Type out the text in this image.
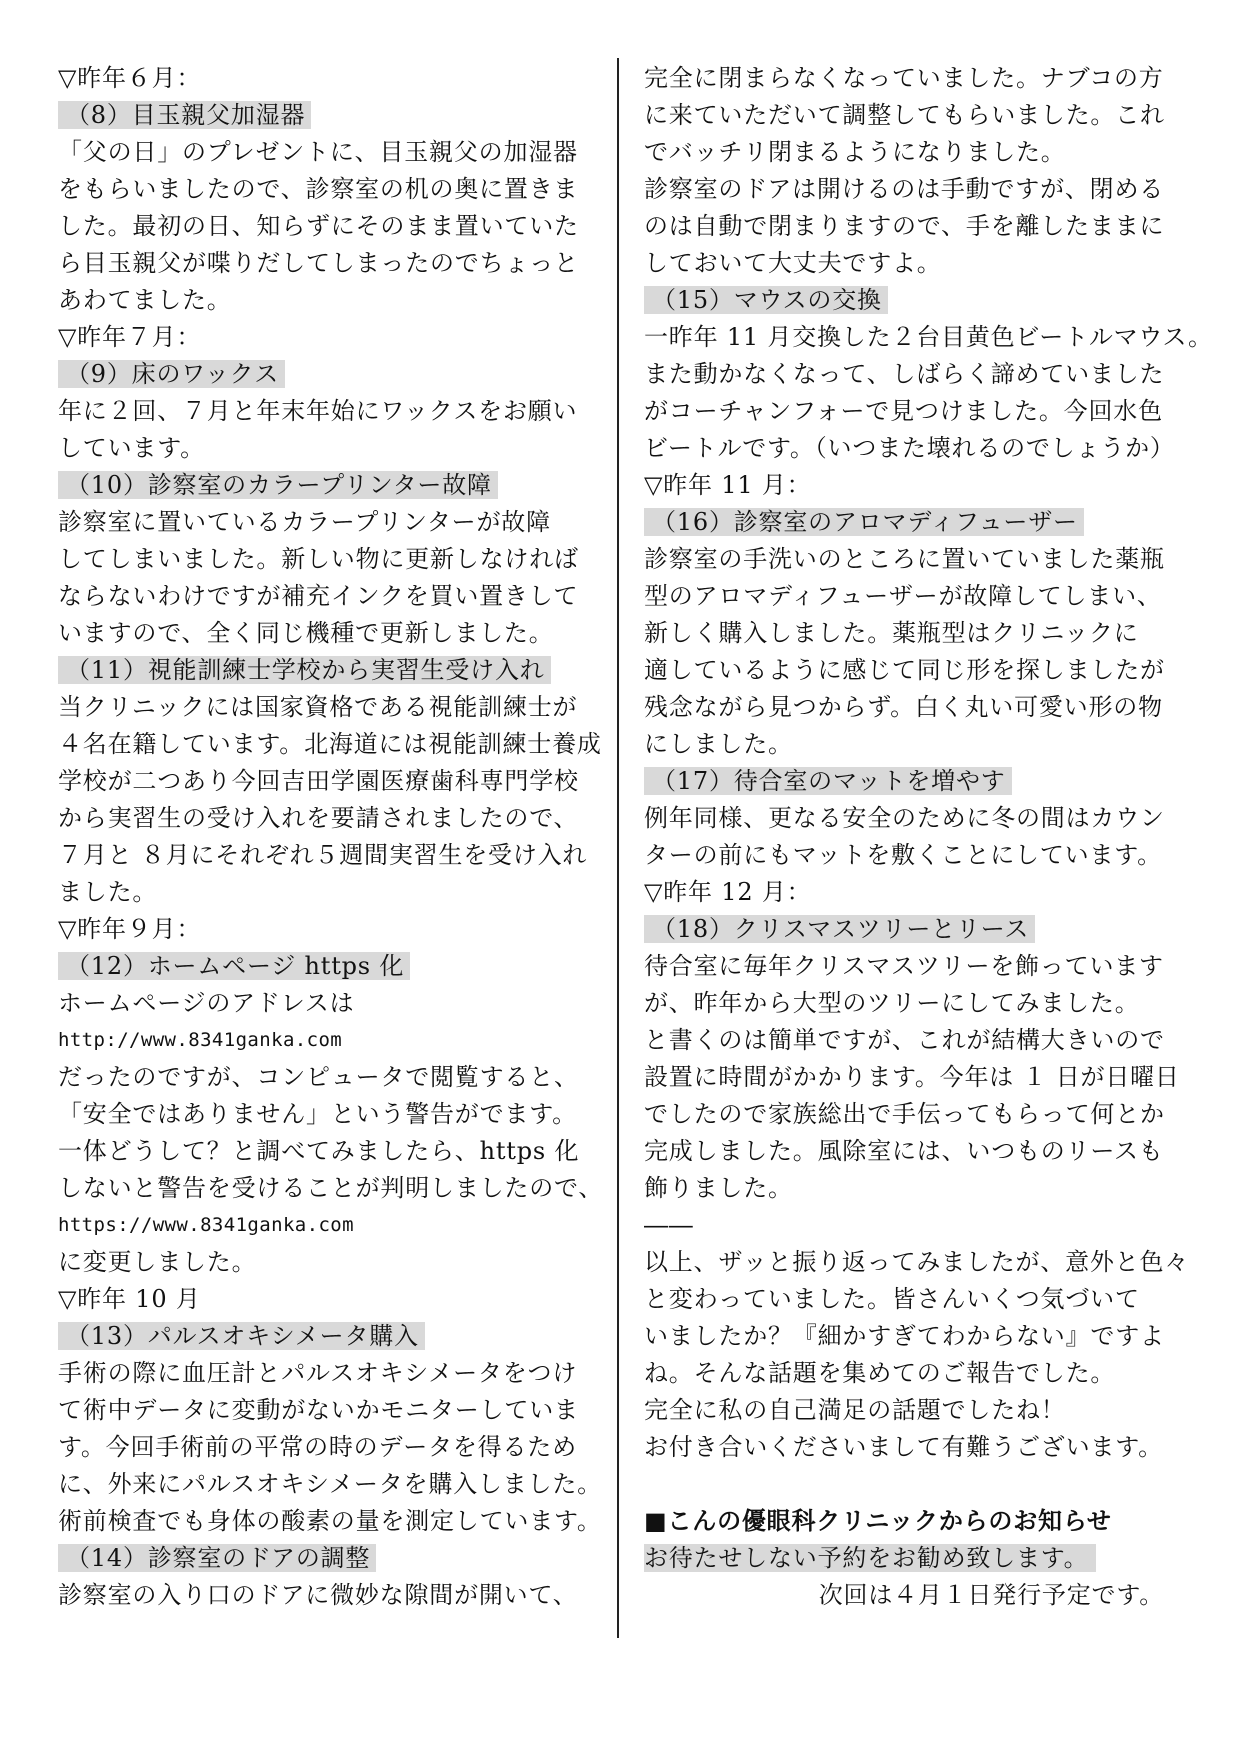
▽昨年６月：
（8）目玉親父加湿器
「父の日」のプレゼントに、目玉親父の加湿器
をもらいましたので、診察室の机の奥に置きま
した。最初の日、知らずにそのまま置いていた
ら目玉親父が喋りだしてしまったのでちょっと
あわてました。
▽昨年７月：
（9）床のワックス
年に２回、７月と年末年始にワックスをお願い
しています。
（10）診察室のカラープリンター故障
診察室に置いているカラープリンターが故障
してしまいました。新しい物に更新しなければ
ならないわけですが補充インクを買い置きして
いますので、全く同じ機種で更新しました。
（11）視能訓練士学校から実習生受け入れ
当クリニックには国家資格である視能訓練士が
４名在籍しています。北海道には視能訓練士養成
学校が二つあり今回吉田学園医療歯科専門学校
から実習生の受け入れを要請されましたので、
７月と ８月にそれぞれ５週間実習生を受け入れ
ました。
▽昨年９月：
（12）ホームページ https 化
ホームページのアドレスは
http://www.8341ganka.com
だったのですが、コンピュータで閲覧すると、
「安全ではありません」という警告がでます。
一体どうして？と調べてみましたら、https 化
しないと警告を受けることが判明しましたので、
https://www.8341ganka.com
に変更しました。
▽昨年 10 月
（13）パルスオキシメータ購入
手術の際に血圧計とパルスオキシメータをつけ
て術中データに変動がないかモニターしていま
す。今回手術前の平常の時のデータを得るため
に、外来にパルスオキシメータを購入しました。
術前検査でも身体の酸素の量を測定しています。
（14）診察室のドアの調整
診察室の入り口のドアに微妙な隙間が開いて、
完全に閉まらなくなっていました。ナブコの方
に来ていただいて調整してもらいました。これ
でバッチリ閉まるようになりました。
診察室のドアは開けるのは手動ですが、閉める
のは自動で閉まりますので、手を離したままに
しておいて大丈夫ですよ。
（15）マウスの交換
一昨年 11 月交換した２台目黄色ビートルマウス。
また動かなくなって、しばらく諦めていました
がコーチャンフォーで見つけました。今回水色
ビートルです。（いつまた壊れるのでしょうか）
▽昨年 11 月：
（16）診察室のアロマディフューザー
診察室の手洗いのところに置いていました薬瓶
型のアロマディフューザーが故障してしまい、
新しく購入しました。薬瓶型はクリニックに
適しているように感じて同じ形を探しましたが
残念ながら見つからず。白く丸い可愛い形の物
にしました。
（17）待合室のマットを増やす
例年同様、更なる安全のために冬の間はカウン
ターの前にもマットを敷くことにしています。
▽昨年 12 月：
（18）クリスマスツリーとリース
待合室に毎年クリスマスツリーを飾っています
が、昨年から大型のツリーにしてみました。
と書くのは簡単ですが、これが結構大きいので
設置に時間がかかります。今年は １ 日が日曜日
でしたので家族総出で手伝ってもらって何とか
完成しました。風除室には、いつものリースも
飾りました。
――
以上、ザッと振り返ってみましたが、意外と色々
と変わっていました。皆さんいくつ気づいて
いましたか？『細かすぎてわからない』ですよ
ね。そんな話題を集めてのご報告でした。
完全に私の自己満足の話題でしたね！
お付き合いくださいまして有難うございます。
■こんの優眼科クリニックからのお知らせ
お待たせしない予約をお勧め致します。
次回は４月１日発行予定です。
